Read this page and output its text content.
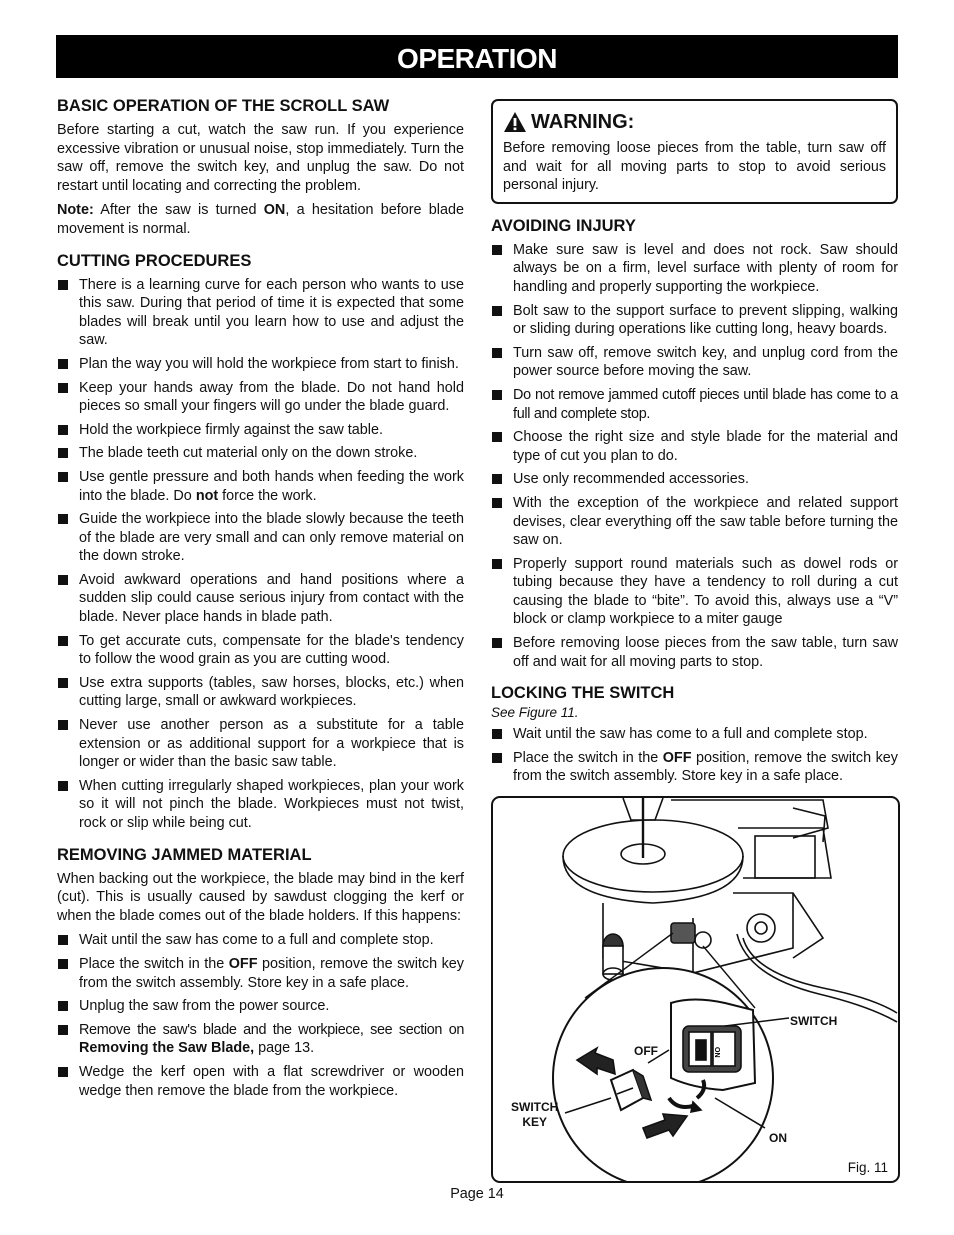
OPERATION
BASIC OPERATION OF THE SCROLL SAW

Before starting a cut, watch the saw run. If you experience excessive vibration or unusual noise, stop immediately. Turn the saw off, remove the switch key, and unplug the saw. Do not restart until locating and correcting the problem.

Note: After the saw is turned ON, a hesitation before blade movement is normal.

CUTTING PROCEDURES
There is a learning curve for each person who wants to use this saw. During that period of time it is expected that some blades will break until you learn how to use and adjust the saw.
Plan the way you will hold the workpiece from start to finish.
Keep your hands away from the blade. Do not hand hold pieces so small your fingers will go under the blade guard.
Hold the workpiece firmly against the saw table.
The blade teeth cut material only on the down stroke.
Use gentle pressure and both hands when feeding the work into the blade. Do not force the work.
Guide the workpiece into the blade slowly because the teeth of the blade are very small and can only remove material on the down stroke.
Avoid awkward operations and hand positions where a sudden slip could cause serious injury from contact with the blade. Never place hands in blade path.
To get accurate cuts, compensate for the blade's tendency to follow the wood grain as you are cutting wood.
Use extra supports (tables, saw horses, blocks, etc.) when cutting large, small or awkward workpieces.
Never use another person as a substitute for a table extension or as additional support for a workpiece that is longer or wider than the basic saw table.
When cutting irregularly shaped workpieces, plan your work so it will not pinch the blade. Workpieces must not twist, rock or slip while being cut.
REMOVING JAMMED MATERIAL

When backing out the workpiece, the blade may bind in the kerf (cut). This is usually caused by sawdust clogging the kerf or when the blade comes out of the blade holders. If this happens:

Wait until the saw has come to a full and complete stop.
Place the switch in the OFF position, remove the switch key from the switch assembly. Store key in a safe place.
Unplug the saw from the power source.
Remove the saw's blade and the workpiece, see section on Removing the Saw Blade, page 13.
Wedge the kerf open with a flat screwdriver or wooden wedge then remove the blade from the workpiece.
WARNING:

Before removing loose pieces from the table, turn saw off and wait for all moving parts to stop to avoid serious personal injury.

AVOIDING INJURY
Make sure saw is level and does not rock. Saw should always be on a firm, level surface with plenty of room for handling and properly supporting the workpiece.
Bolt saw to the support surface to prevent slipping, walking or sliding during operations like cutting long, heavy boards.
Turn saw off, remove switch key, and unplug cord from the power source before moving the saw.
Do not remove jammed cutoff pieces until blade has come to a full and complete stop.
Choose the right size and style blade for the material and type of cut you plan to do.
Use only recommended accessories.
With the exception of the workpiece and related support devises, clear everything off the saw table before turning the saw on.
Properly support round materials such as dowel rods or tubing because they have a tendency to roll during a cut causing the blade to “bite”. To avoid this, always use a “V” block or clamp workpiece to a miter gauge
Before removing loose pieces from the saw table, turn saw off and wait for all moving parts to stop.
LOCKING THE SWITCH
See Figure 11.
Wait until the saw has come to a full and complete stop.
Place the switch in the OFF position, remove the switch key from the switch assembly. Store key in a safe place.
ON
SWITCH
OFF
SWITCH
KEY
ON
Fig. 11
Page 14
